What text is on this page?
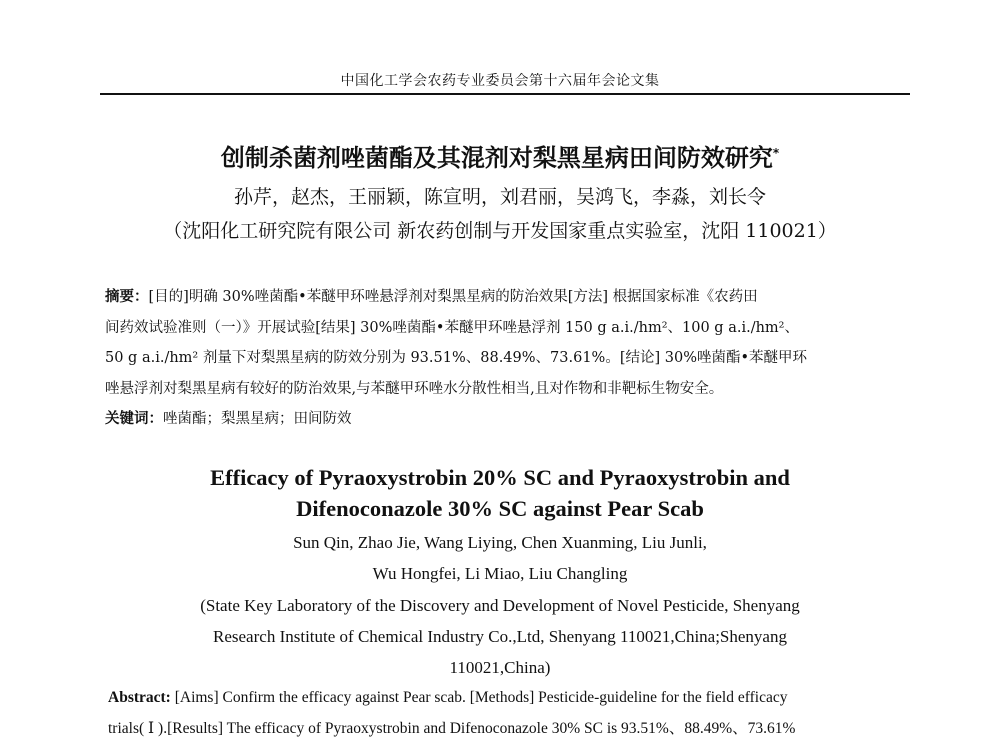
中国化工学会农药专业委员会第十六届年会论文集
创制杀菌剂唑菌酯及其混剂对梨黑星病田间防效研究*
孙芹，赵杰，王丽颖，陈宣明，刘君丽，吴鸿飞，李淼，刘长令
（沈阳化工研究院有限公司 新农药创制与开发国家重点实验室，沈阳 110021）
摘要：[目的]明确 30%唑菌酯•苯醚甲环唑悬浮剂对梨黑星病的防治效果[方法] 根据国家标准《农药田
间药效试验准则（一）》开展试验[结果] 30%唑菌酯•苯醚甲环唑悬浮剂 150 g a.i./hm²、100 g a.i./hm²、
50 g a.i./hm² 剂量下对梨黑星病的防效分别为 93.51%、88.49%、73.61%。[结论] 30%唑菌酯•苯醚甲环
唑悬浮剂对梨黑星病有较好的防治效果,与苯醚甲环唑水分散性相当,且对作物和非靶标生物安全。
关键词：唑菌酯；梨黑星病；田间防效
Efficacy of Pyraoxystrobin 20% SC and Pyraoxystrobin and
Difenoconazole 30% SC against Pear Scab
Sun Qin, Zhao Jie, Wang Liying, Chen Xuanming, Liu Junli,
Wu Hongfei, Li Miao, Liu Changling
(State Key Laboratory of the Discovery and Development of Novel Pesticide, Shenyang
Research Institute of Chemical Industry Co.,Ltd, Shenyang 110021,China;Shenyang
110021,China)
Abstract: [Aims] Confirm the efficacy against Pear scab. [Methods] Pesticide-guideline for the field efficacy
trials( Ⅰ ).[Results] The efficacy of Pyraoxystrobin and Difenoconazole 30% SC is 93.51%、88.49%、73.61%
